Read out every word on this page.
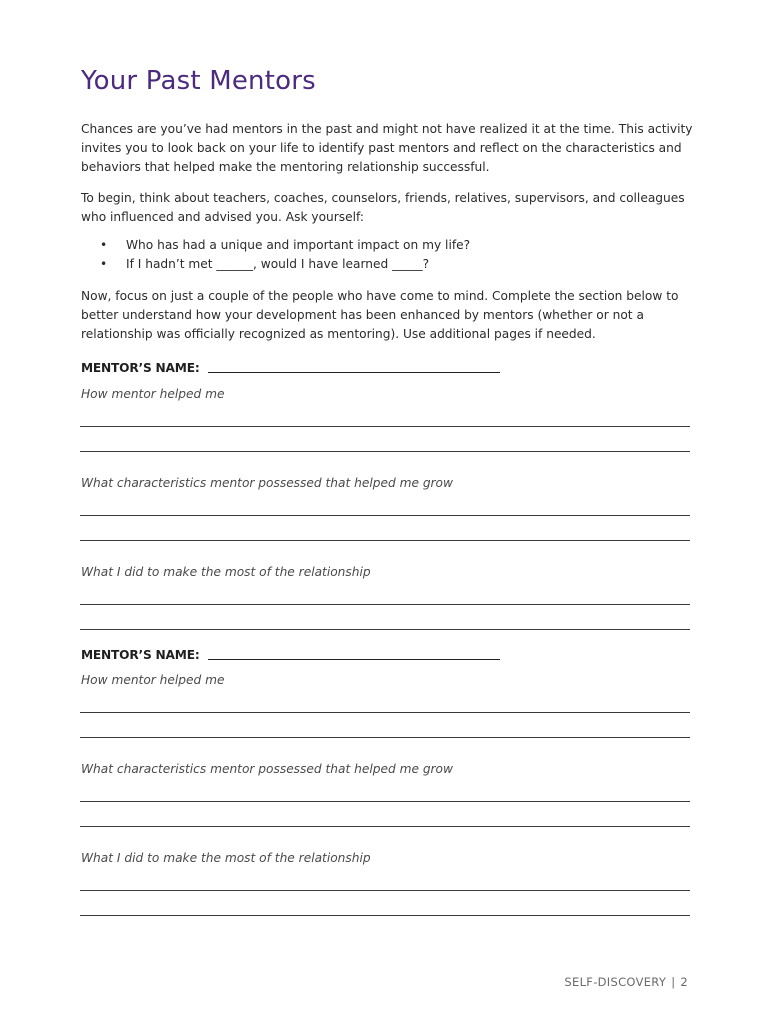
Your Past Mentors

Chances are you’ve had mentors in the past and might not have realized it at the time. This activity invites you to look back on your life to identify past mentors and reflect on the characteristics and behaviors that helped make the mentoring relationship successful.

To begin, think about teachers, coaches, counselors, friends, relatives, supervisors, and colleagues who influenced and advised you. Ask yourself:

• Who has had a unique and important impact on my life?
• If I hadn’t met ______, would I have learned _____?

Now, focus on just a couple of the people who have come to mind. Complete the section below to better understand how your development has been enhanced by mentors (whether or not a relationship was officially recognized as mentoring). Use additional pages if needed.

MENTOR’S NAME:
How mentor helped me
What characteristics mentor possessed that helped me grow
What I did to make the most of the relationship
MENTOR’S NAME:
How mentor helped me
What characteristics mentor possessed that helped me grow
What I did to make the most of the relationship
SELF-DISCOVERY | 2
